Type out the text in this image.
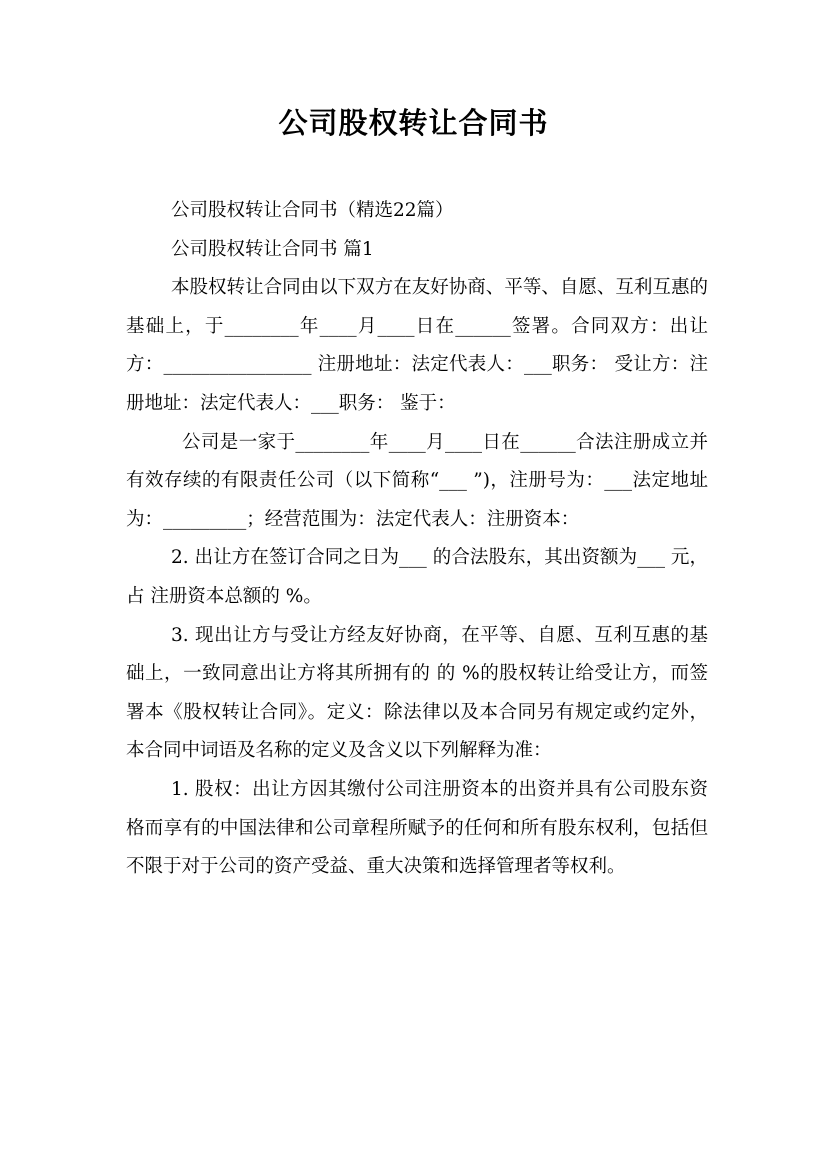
公司股权转让合同书

公司股权转让合同书（精选22篇）

公司股权转让合同书 篇1

本股权转让合同由以下双方在友好协商、平等、自愿、互利互惠的基础上，于________年____月____日在______签署。合同双方：出让方：________________ 注册地址：法定代表人：___职务： 受让方：注册地址：法定代表人：___职务： 鉴于：

公司是一家于________年____月____日在______合法注册成立并有效存续的有限责任公司（以下简称“___ ”)，注册号为：___法定地址为：_________；经营范围为：法定代表人：注册资本：

2. 出让方在签订合同之日为___ 的合法股东，其出资额为___ 元，占 注册资本总额的 %。

3. 现出让方与受让方经友好协商，在平等、自愿、互利互惠的基础上，一致同意出让方将其所拥有的 的 %的股权转让给受让方，而签署本《股权转让合同》。定义：除法律以及本合同另有规定或约定外，本合同中词语及名称的定义及含义以下列解释为准：

1. 股权：出让方因其缴付公司注册资本的出资并具有公司股东资格而享有的中国法律和公司章程所赋予的任何和所有股东权利，包括但不限于对于公司的资产受益、重大决策和选择管理者等权利。
